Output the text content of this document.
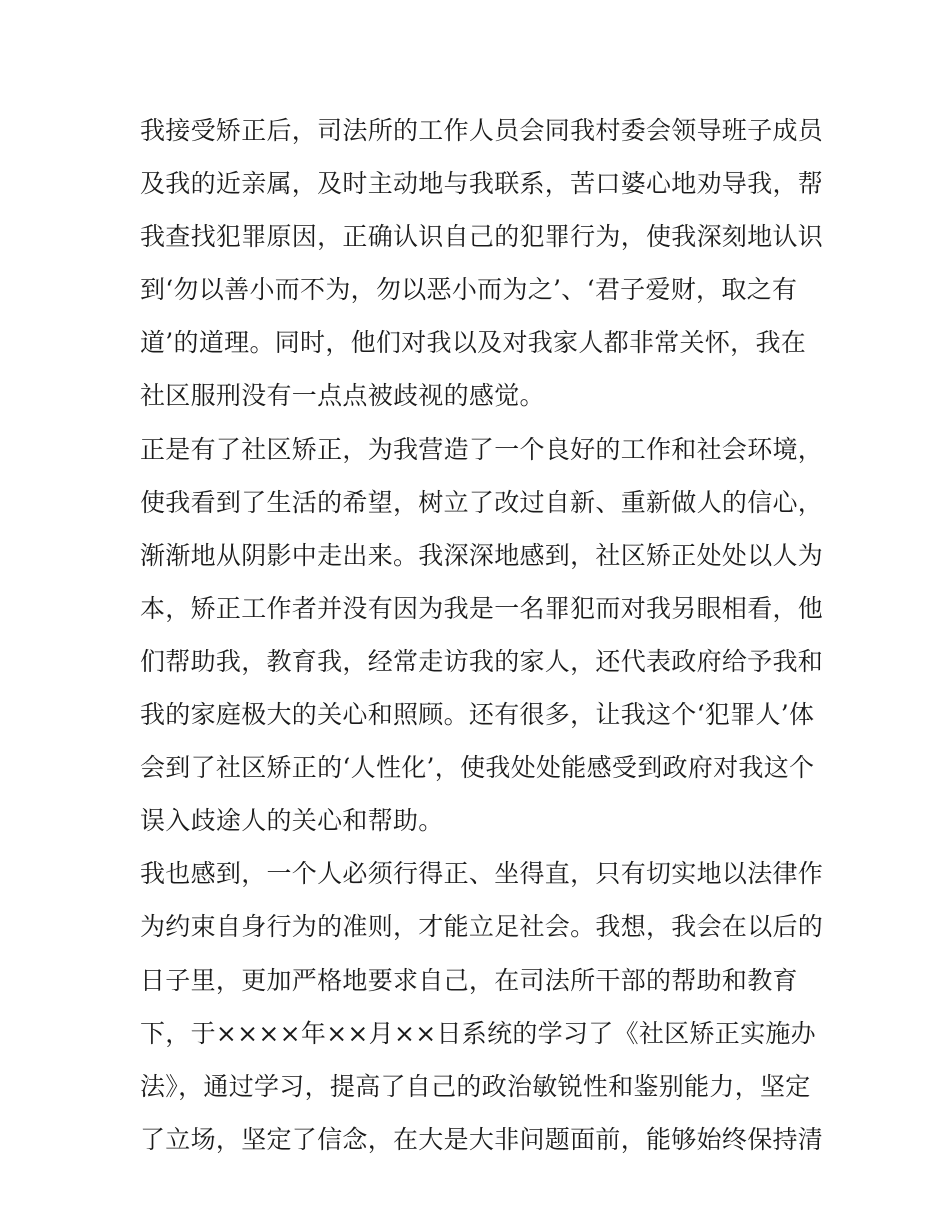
我接受矫正后，司法所的工作人员会同我村委会领导班子成员
及我的近亲属，及时主动地与我联系，苦口婆心地劝导我，帮
我查找犯罪原因，正确认识自己的犯罪行为，使我深刻地认识
到‘勿以善小而不为，勿以恶小而为之’、‘君子爱财，取之有
道’的道理。同时，他们对我以及对我家人都非常关怀，我在
社区服刑没有一点点被歧视的感觉。
正是有了社区矫正，为我营造了一个良好的工作和社会环境，
使我看到了生活的希望，树立了改过自新、重新做人的信心，
渐渐地从阴影中走出来。我深深地感到，社区矫正处处以人为
本，矫正工作者并没有因为我是一名罪犯而对我另眼相看，他
们帮助我，教育我，经常走访我的家人，还代表政府给予我和
我的家庭极大的关心和照顾。还有很多，让我这个‘犯罪人’体
会到了社区矫正的‘人性化’，使我处处能感受到政府对我这个
误入歧途人的关心和帮助。
我也感到，一个人必须行得正、坐得直，只有切实地以法律作
为约束自身行为的准则，才能立足社会。我想，我会在以后的
日子里，更加严格地要求自己，在司法所干部的帮助和教育
下，于××××年××月××日系统的学习了《社区矫正实施办
法》，通过学习，提高了自己的政治敏锐性和鉴别能力，坚定
了立场，坚定了信念，在大是大非问题面前，能够始终保持清
